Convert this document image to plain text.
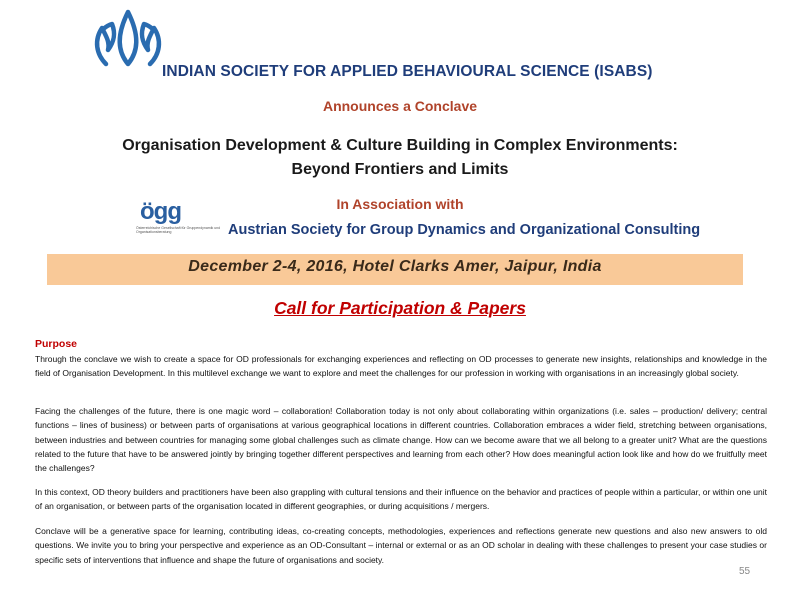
INDIAN SOCIETY FOR APPLIED BEHAVIOURAL SCIENCE (ISABS)
Announces a Conclave
Organisation Development & Culture Building in Complex Environments:
Beyond Frontiers and Limits
In Association with
ögg
Österreichische Gesellschaft für Gruppendynamik und Organisationsberatung	Austrian Society for Group Dynamics and Organizational Consulting
December 2-4, 2016, Hotel Clarks Amer, Jaipur, India
Call for Participation & Papers
Purpose
Through the conclave we wish to create a space for OD professionals for exchanging experiences and reflecting on OD processes to generate new insights, relationships and knowledge in the field of Organisation Development. In this multilevel exchange we want to explore and meet the challenges for our profession in working with organisations in an increasingly global society.
Facing the challenges of the future, there is one magic word – collaboration! Collaboration today is not only about collaborating within organizations (i.e. sales – production/ delivery; central functions – lines of business) or between parts of organisations at various geographical locations in different countries. Collaboration embraces a wider field, stretching between organisations, between industries and between countries for managing some global challenges such as climate change. How can we become aware that we all belong to a greater unit? What are the questions related to the future that have to be answered jointly by bringing together different perspectives and learning from each other? How does meaningful action look like and how do we fruitfully meet the challenges?
In this context, OD theory builders and practitioners have been also grappling with cultural tensions and their influence on the behavior and practices of people within a particular, or within one unit of an organisation, or between parts of the organisation located in different geographies, or during acquisitions / mergers.
Conclave will be a generative space for learning, contributing ideas, co-creating concepts, methodologies, experiences and reflections generate new questions and also new answers to old questions. We invite you to bring your perspective and experience as an OD-Consultant – internal or external or as an OD scholar in dealing with these challenges to present your case studies or specific sets of interventions that influence and shape the future of organisations and society.
55
